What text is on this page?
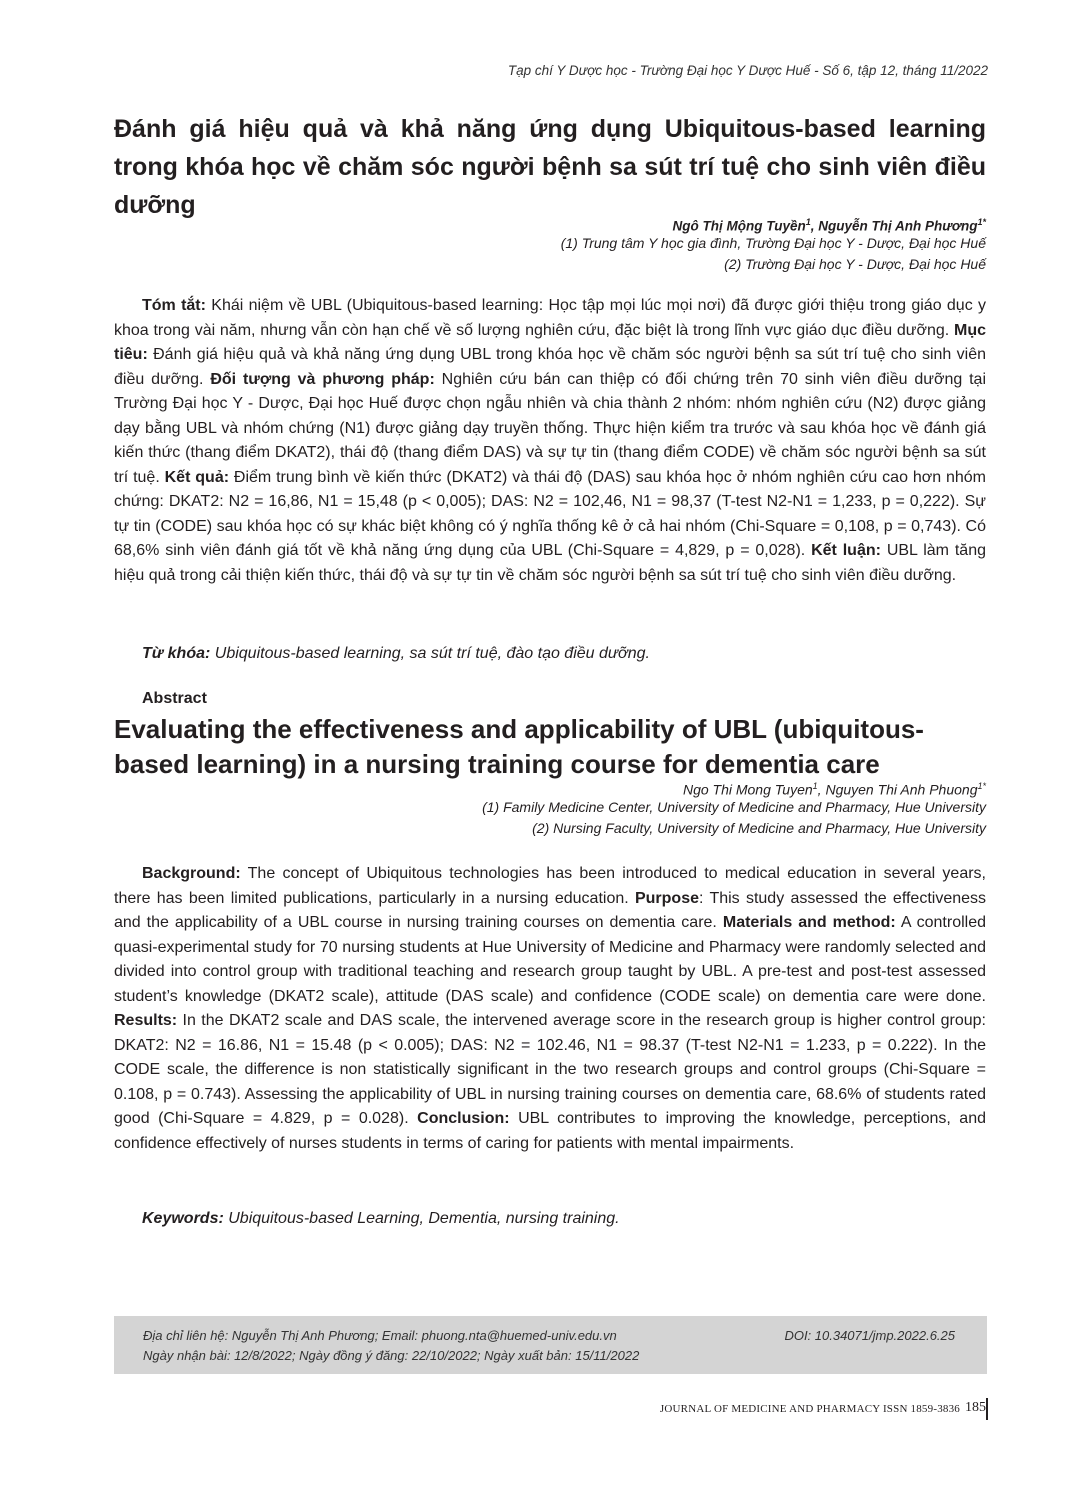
Tạp chí Y Dược học - Trường Đại học Y Dược Huế - Số 6, tập 12, tháng 11/2022
Đánh giá hiệu quả và khả năng ứng dụng Ubiquitous-based learning trong khóa học về chăm sóc người bệnh sa sút trí tuệ cho sinh viên điều dưỡng
Ngô Thị Mộng Tuyền$^1$, Nguyễn Thị Anh Phương$^{1*}$
(1) Trung tâm Y học gia đình, Trường Đại học Y - Dược, Đại học Huế
(2) Trường Đại học Y - Dược, Đại học Huế
Tóm tắt: Khái niệm về UBL (Ubiquitous-based learning: Học tập mọi lúc mọi nơi) đã được giới thiệu trong giáo dục y khoa trong vài năm, nhưng vẫn còn hạn chế về số lượng nghiên cứu, đặc biệt là trong lĩnh vực giáo dục điều dưỡng. Mục tiêu: Đánh giá hiệu quả và khả năng ứng dụng UBL trong khóa học về chăm sóc người bệnh sa sút trí tuệ cho sinh viên điều dưỡng. Đối tượng và phương pháp: Nghiên cứu bán can thiệp có đối chứng trên 70 sinh viên điều dưỡng tại Trường Đại học Y - Dược, Đại học Huế được chọn ngẫu nhiên và chia thành 2 nhóm: nhóm nghiên cứu (N2) được giảng dạy bằng UBL và nhóm chứng (N1) được giảng dạy truyền thống. Thực hiện kiểm tra trước và sau khóa học về đánh giá kiến thức (thang điểm DKAT2), thái độ (thang điểm DAS) và sự tự tin (thang điểm CODE) về chăm sóc người bệnh sa sút trí tuệ. Kết quả: Điểm trung bình về kiến thức (DKAT2) và thái độ (DAS) sau khóa học ở nhóm nghiên cứu cao hơn nhóm chứng: DKAT2: N2 = 16,86, N1 = 15,48 (p < 0,005); DAS: N2 = 102,46, N1 = 98,37 (T-test N2-N1 = 1,233, p = 0,222). Sự tự tin (CODE) sau khóa học có sự khác biệt không có ý nghĩa thống kê ở cả hai nhóm (Chi-Square = 0,108, p = 0,743). Có 68,6% sinh viên đánh giá tốt về khả năng ứng dụng của UBL (Chi-Square = 4,829, p = 0,028). Kết luận: UBL làm tăng hiệu quả trong cải thiện kiến thức, thái độ và sự tự tin về chăm sóc người bệnh sa sút trí tuệ cho sinh viên điều dưỡng.
Từ khóa: Ubiquitous-based learning, sa sút trí tuệ, đào tạo điều dưỡng.
Abstract
Evaluating the effectiveness and applicability of UBL (ubiquitous-based learning) in a nursing training course for dementia care
Ngo Thi Mong Tuyen$^1$, Nguyen Thi Anh Phuong$^{1*}$
(1) Family Medicine Center, University of Medicine and Pharmacy, Hue University
(2) Nursing Faculty, University of Medicine and Pharmacy, Hue University
Background: The concept of Ubiquitous technologies has been introduced to medical education in several years, there has been limited publications, particularly in a nursing education. Purpose: This study assessed the effectiveness and the applicability of a UBL course in nursing training courses on dementia care. Materials and method: A controlled quasi-experimental study for 70 nursing students at Hue University of Medicine and Pharmacy were randomly selected and divided into control group with traditional teaching and research group taught by UBL. A pre-test and post-test assessed student’s knowledge (DKAT2 scale), attitude (DAS scale) and confidence (CODE scale) on dementia care were done. Results: In the DKAT2 scale and DAS scale, the intervened average score in the research group is higher control group: DKAT2: N2 = 16.86, N1 = 15.48 (p < 0.005); DAS: N2 = 102.46, N1 = 98.37 (T-test N2-N1 = 1.233, p = 0.222). In the CODE scale, the difference is non statistically significant in the two research groups and control groups (Chi-Square = 0.108, p = 0.743). Assessing the applicability of UBL in nursing training courses on dementia care, 68.6% of students rated good (Chi-Square = 4.829, p = 0.028). Conclusion: UBL contributes to improving the knowledge, perceptions, and confidence effectively of nurses students in terms of caring for patients with mental impairments.
Keywords: Ubiquitous-based Learning, Dementia, nursing training.
Địa chỉ liên hệ: Nguyễn Thị Anh Phương; Email: phuong.nta@huemed-univ.edu.vn
Ngày nhận bài: 12/8/2022; Ngày đồng ý đăng: 22/10/2022; Ngày xuất bản: 15/11/2022
DOI: 10.34071/jmp.2022.6.25
JOURNAL OF MEDICINE AND PHARMACY ISSN 1859-3836 185
